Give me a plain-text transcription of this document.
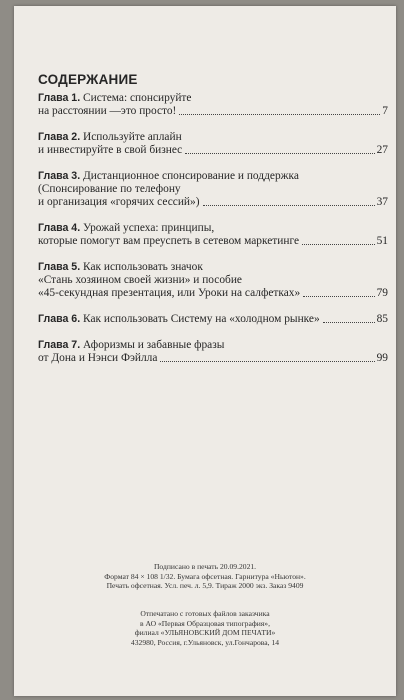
СОДЕРЖАНИЕ
Глава 1. Система: спонсируйте
на расстоянии —это просто!	7
Глава 2. Используйте аплайн
и инвестируйте в свой бизнес	27
Глава 3. Дистанционное спонсирование и поддержка
(Спонсирование по телефону
и организация «горячих сессий»)	37
Глава 4. Урожай успеха: принципы,
которые помогут вам преуспеть в сетевом маркетинге	51
Глава 5. Как использовать значок
«Стань хозяином своей жизни» и пособие
«45-секундная презентация, или Уроки на салфетках»	79
Глава 6. Как использовать Систему на «холодном рынке»	85
Глава 7. Афоризмы и забавные фразы
от Дона и Нэнси Фэйлла	99
Подписано в печать 20.09.2021.
Формат 84 × 108 1/32. Бумага офсетная. Гарнитура «Ньютон».
Печать офсетная. Усл. печ. л. 5,9. Тираж 2000 экз. Заказ 9409
Отпечатано с готовых файлов заказчика
в АО «Первая Образцовая типография»,
филиал «УЛЬЯНОВСКИЙ ДОМ ПЕЧАТИ»
432980, Россия, г.Ульяновск, ул.Гончарова, 14
